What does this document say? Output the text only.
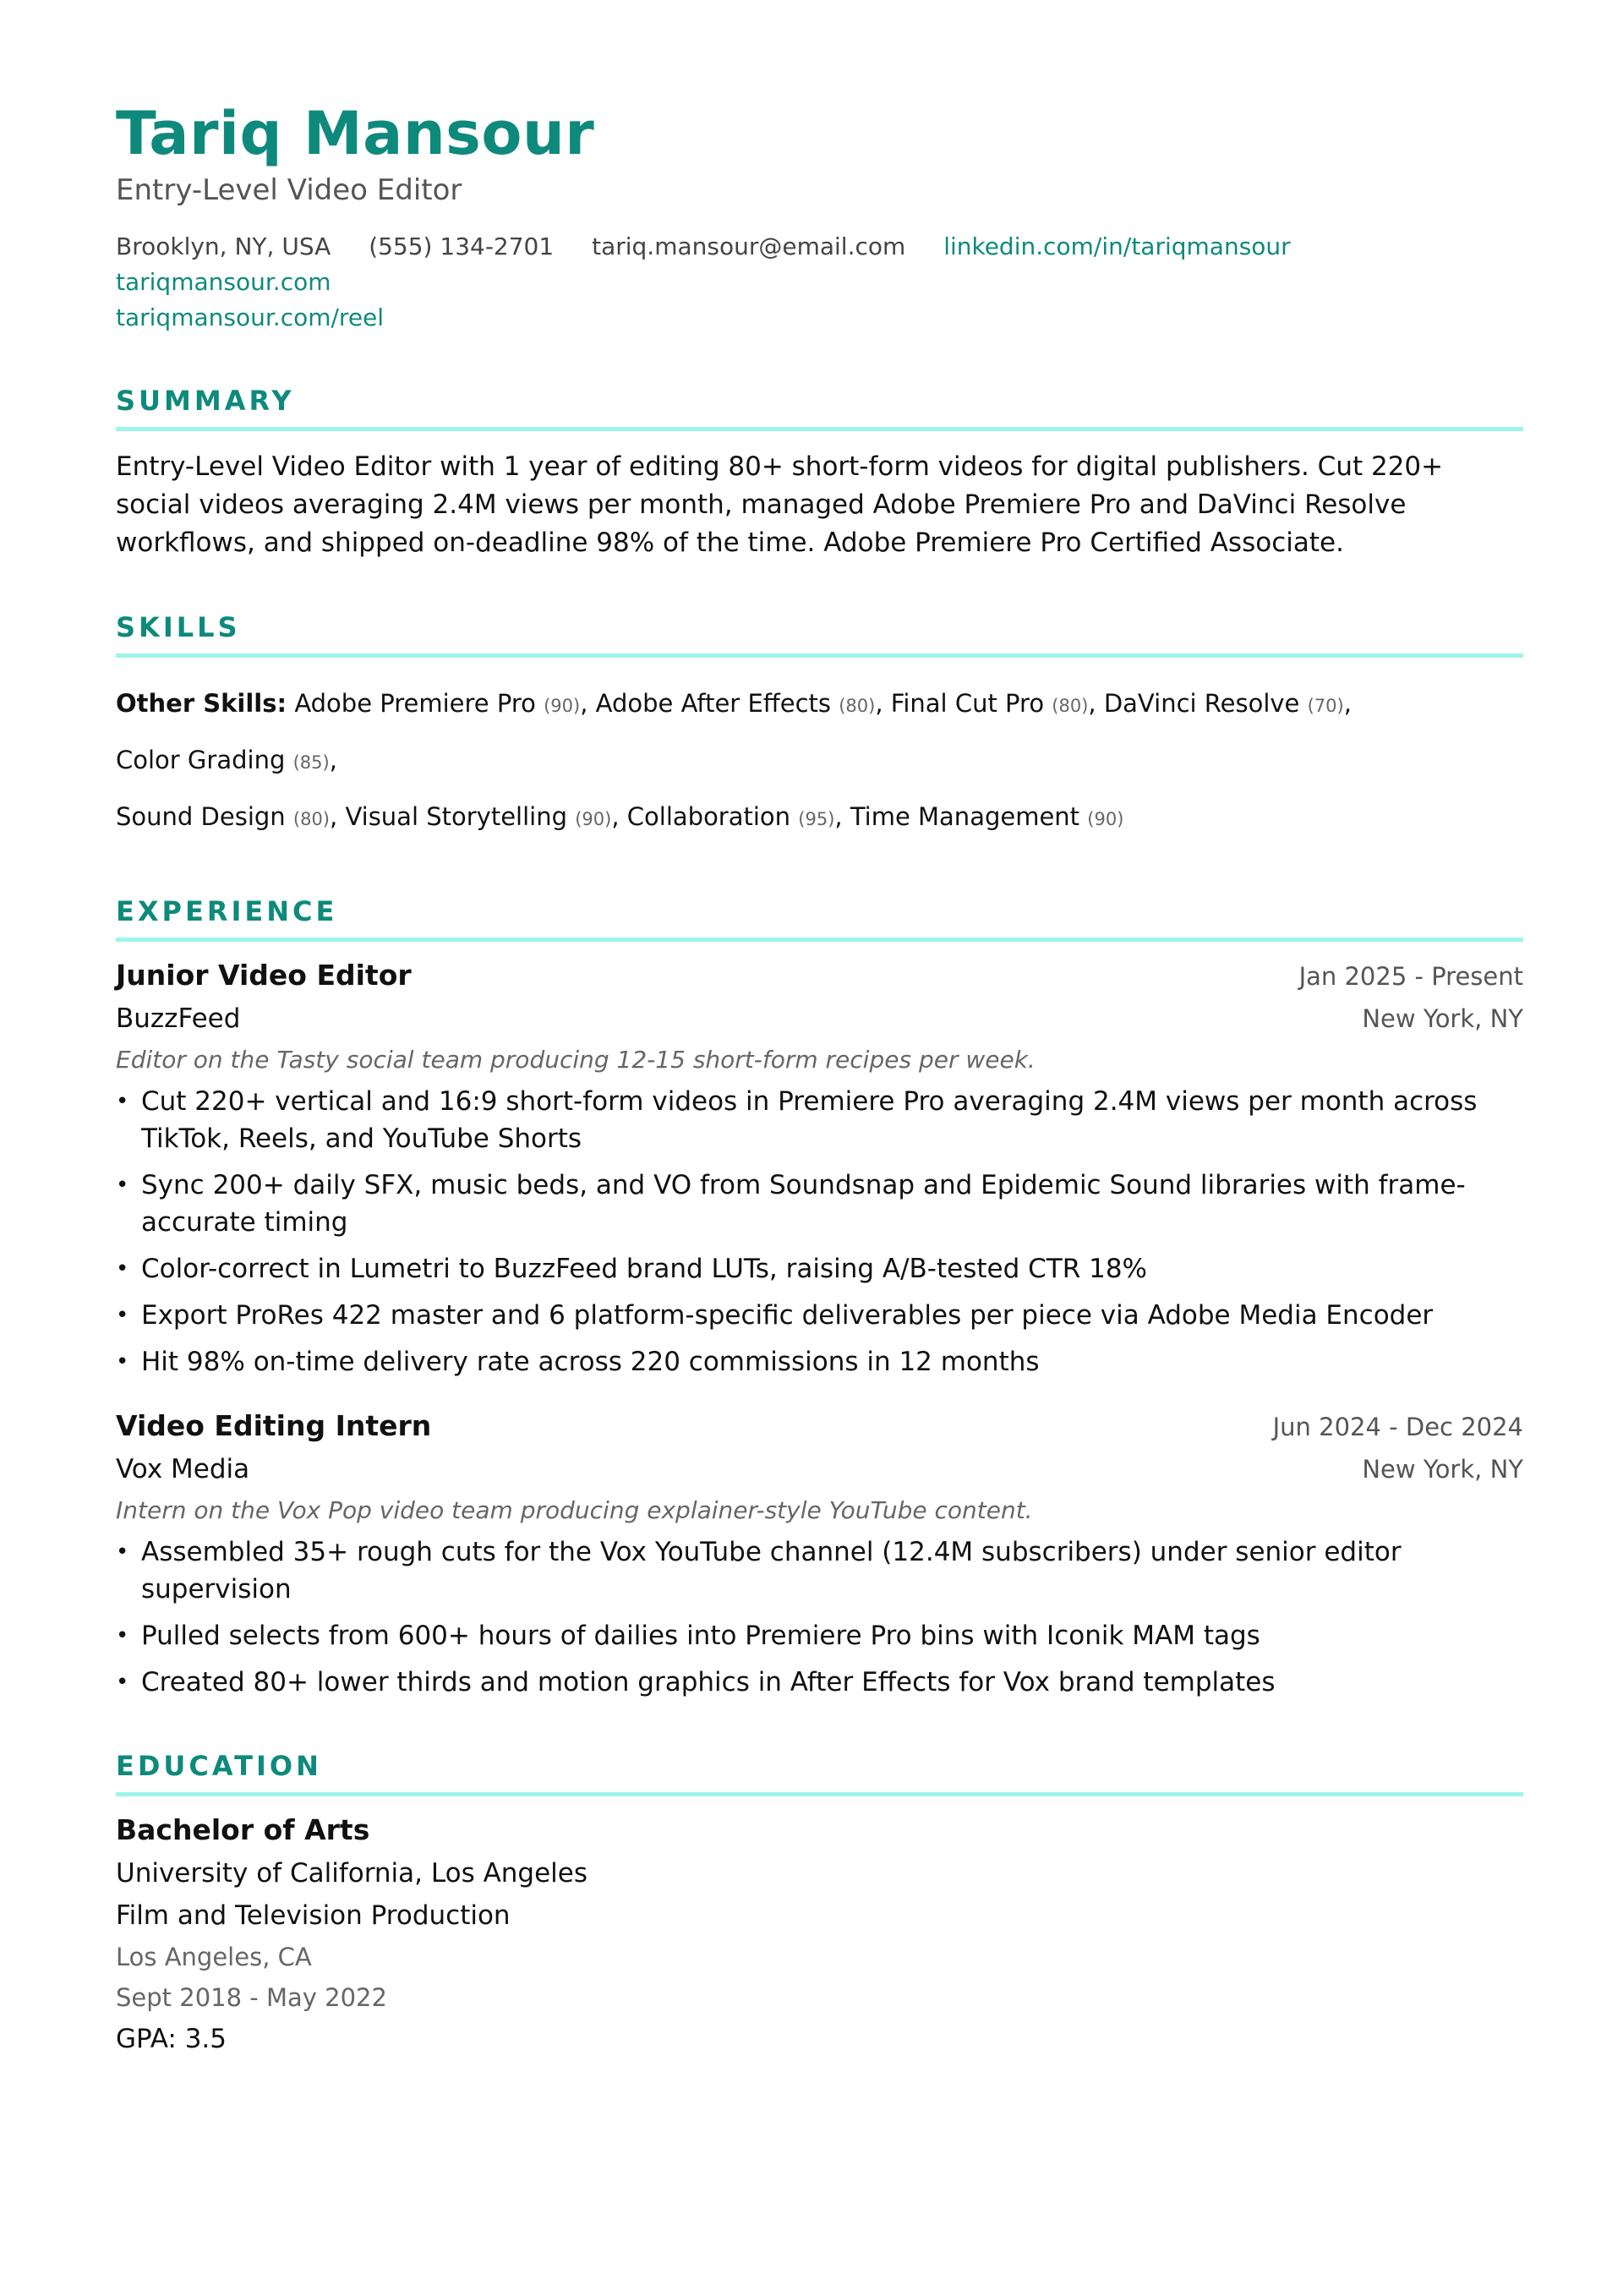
Tariq Mansour
Entry-Level Video Editor
Brooklyn, NY, USA (555) 134-2701 tariq.mansour@email.com linkedin.com/in/tariqmansour tariqmansour.com
tariqmansour.com/reel
SUMMARY
Entry-Level Video Editor with 1 year of editing 80+ short-form videos for digital publishers. Cut 220+ social videos averaging 2.4M views per month, managed Adobe Premiere Pro and DaVinci Resolve workflows, and shipped on-deadline 98% of the time. Adobe Premiere Pro Certified Associate.
SKILLS
Other Skills: Adobe Premiere Pro (90), Adobe After Effects (80), Final Cut Pro (80), DaVinci Resolve (70), Color Grading (85),
Sound Design (80), Visual Storytelling (90), Collaboration (95), Time Management (90)
EXPERIENCE
Junior Video Editor	Jan 2025 - Present
BuzzFeed	New York, NY
Editor on the Tasty social team producing 12-15 short-form recipes per week.
• Cut 220+ vertical and 16:9 short-form videos in Premiere Pro averaging 2.4M views per month across TikTok, Reels, and YouTube Shorts
• Sync 200+ daily SFX, music beds, and VO from Soundsnap and Epidemic Sound libraries with frame-accurate timing
• Color-correct in Lumetri to BuzzFeed brand LUTs, raising A/B-tested CTR 18%
• Export ProRes 422 master and 6 platform-specific deliverables per piece via Adobe Media Encoder
• Hit 98% on-time delivery rate across 220 commissions in 12 months
Video Editing Intern	Jun 2024 - Dec 2024
Vox Media	New York, NY
Intern on the Vox Pop video team producing explainer-style YouTube content.
• Assembled 35+ rough cuts for the Vox YouTube channel (12.4M subscribers) under senior editor supervision
• Pulled selects from 600+ hours of dailies into Premiere Pro bins with Iconik MAM tags
• Created 80+ lower thirds and motion graphics in After Effects for Vox brand templates
EDUCATION
Bachelor of Arts
University of California, Los Angeles
Film and Television Production
Los Angeles, CA
Sept 2018 - May 2022
GPA: 3.5
